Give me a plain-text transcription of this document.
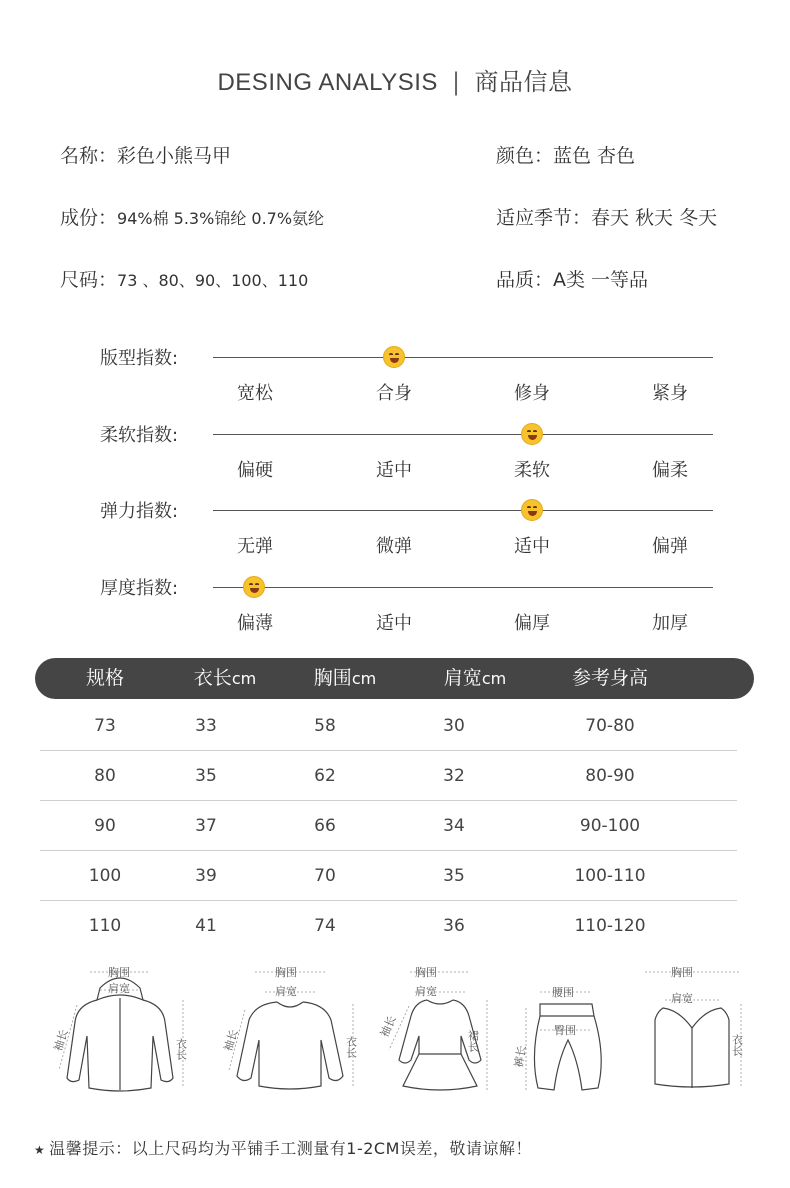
DESING ANALYSIS | 商品信息
名称：彩色小熊马甲	颜色：蓝色 杏色
成份：94%棉 5.3%锦纶 0.7%氨纶	适应季节：春天 秋天 冬天
尺码：73 、80、90、100、110	品质：A类 一等品
版型指数:
宽松	合身	修身	紧身
柔软指数:
偏硬	适中	柔软	偏柔
弹力指数:
无弹	微弹	适中	偏弹
厚度指数:
偏薄	适中	偏厚	加厚
规格	衣长cm	胸围cm	肩宽cm	参考身高
73	33	58	30	70-80
80	35	62	32	80-90
90	37	66	34	90-100
100	39	70	35	100-110
110	41	74	36	110-120
胸围
肩宽
袖长	衣长
胸围
肩宽
袖长	衣长
胸围
肩宽
袖长
裙长
腰围
臀围
裤长
胸围
肩宽
衣长
★ 温馨提示：以上尺码均为平铺手工测量有1-2CM误差，敬请谅解！
